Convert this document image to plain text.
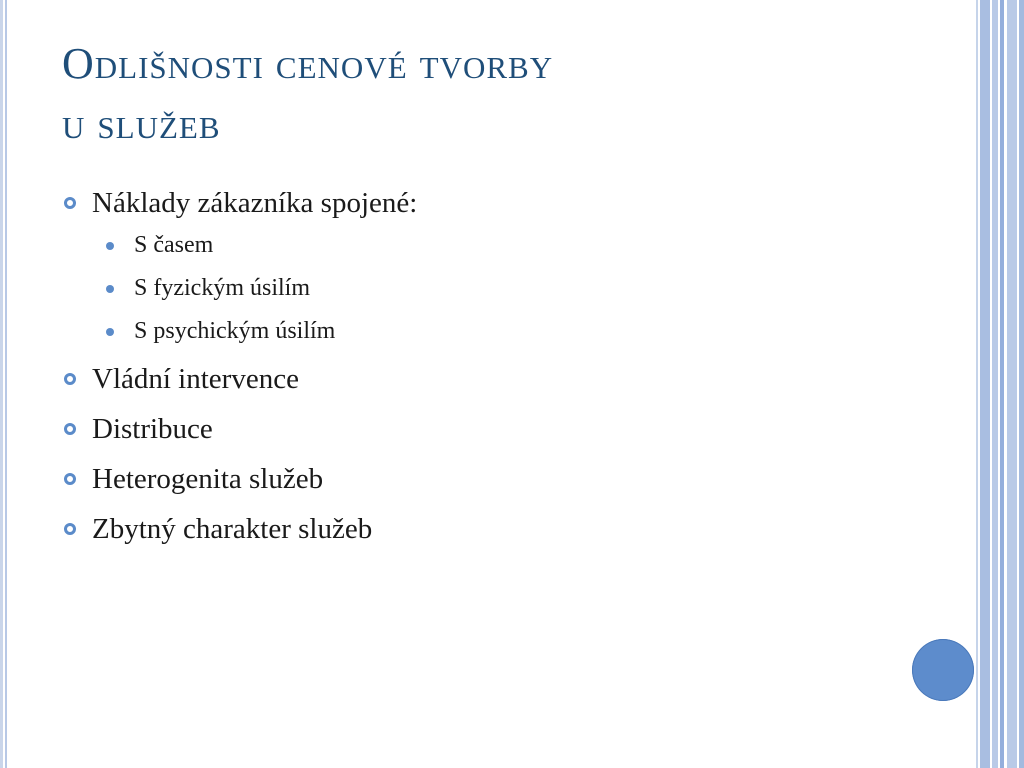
Odlišnosti cenové tvorby
u služeb
Náklady zákazníka spojené:
S časem
S fyzickým úsilím
S psychickým úsilím
Vládní intervence
Distribuce
Heterogenita služeb
Zbytný charakter služeb
